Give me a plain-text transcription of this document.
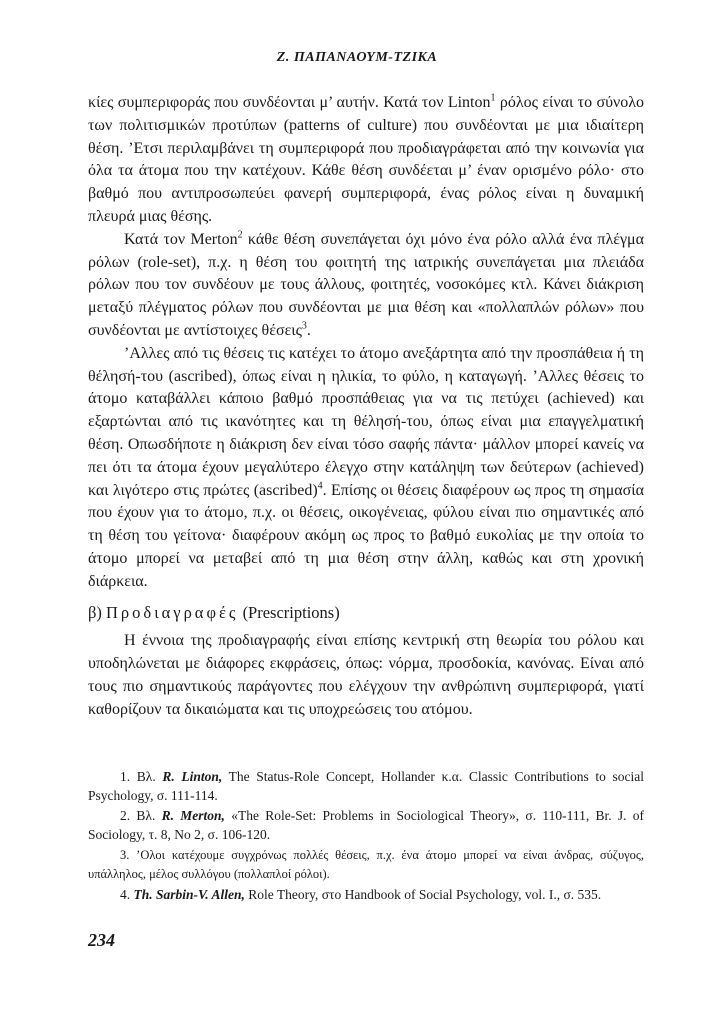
Ζ. ΠΑΠΑΝΑΟΥΜ-ΤΖΙΚΑ

κίες συμπεριφοράς που συνδέονται μ’ αυτήν. Κατά τον Linton$^1$ ρόλος είναι το σύνολο των πολιτισμικών προτύπων (patterns of culture) που συνδέονται με μια ιδιαίτερη θέση. ’Ετσι περιλαμβάνει τη συμπεριφορά που προδιαγράφεται από την κοινωνία για όλα τα άτομα που την κατέχουν. Κάθε θέση συνδέεται μ’ έναν ορισμένο ρόλο· στο βαθμό που αντιπροσωπεύει φανερή συμπεριφορά, ένας ρόλος είναι η δυναμική πλευρά μιας θέσης.

Κατά τον Merton$^2$ κάθε θέση συνεπάγεται όχι μόνο ένα ρόλο αλλά ένα πλέγμα ρόλων (role-set), π.χ. η θέση του φοιτητή της ιατρικής συνεπάγεται μια πλειάδα ρόλων που τον συνδέουν με τους άλλους, φοιτητές, νοσοκόμες κτλ. Κάνει διάκριση μεταξύ πλέγματος ρόλων που συνδέονται με μια θέση και «πολλαπλών ρόλων» που συνδέονται με αντίστοιχες θέσεις$^3$.

’Αλλες από τις θέσεις τις κατέχει το άτομο ανεξάρτητα από την προσπάθεια ή τη θέλησή-του (ascribed), όπως είναι η ηλικία, το φύλο, η καταγωγή. ’Αλλες θέσεις το άτομο καταβάλλει κάποιο βαθμό προσπάθειας για να τις πετύχει (achieved) και εξαρτώνται από τις ικανότητες και τη θέλησή-του, όπως είναι μια επαγγελματική θέση. Οπωσδήποτε η διάκριση δεν είναι τόσο σαφής πάντα· μάλλον μπορεί κανείς να πει ότι τα άτομα έχουν μεγαλύτερο έλεγχο στην κατάληψη των δεύτερων (achieved) και λιγότερο στις πρώτες (ascribed)$^4$. Επίσης οι θέσεις διαφέρουν ως προς τη σημασία που έχουν για το άτομο, π.χ. οι θέσεις, οικογένειας, φύλου είναι πιο σημαντικές από τη θέση του γείτονα· διαφέρουν ακόμη ως προς το βαθμό ευκολίας με την οποία το άτομο μπορεί να μεταβεί από τη μια θέση στην άλλη, καθώς και στη χρονική διάρκεια.

β) Προδιαγραφές (Prescriptions)

Η έννοια της προδιαγραφής είναι επίσης κεντρική στη θεωρία του ρόλου και υποδηλώνεται με διάφορες εκφράσεις, όπως: νόρμα, προσδοκία, κανόνας. Είναι από τους πιο σημαντικούς παράγοντες που ελέγχουν την ανθρώπινη συμπεριφορά, γιατί καθορίζουν τα δικαιώματα και τις υποχρεώσεις του ατόμου.

1. Βλ. R. Linton, The Status-Role Concept, Hollander κ.α. Classic Contributions to social Psychology, σ. 111-114.

2. Βλ. R. Merton, «The Role-Set: Problems in Sociological Theory», σ. 110-111, Br. J. of Sociology, τ. 8, No 2, σ. 106-120.

3. ’Ολοι κατέχουμε συγχρόνως πολλές θέσεις, π.χ. ένα άτομο μπορεί να είναι άνδρας, σύζυγος, υπάλληλος, μέλος συλλόγου (πολλαπλοί ρόλοι).

4. Th. Sarbin-V. Allen, Role Theory, στο Handbook of Social Psychology, vol. I., σ. 535.

234
